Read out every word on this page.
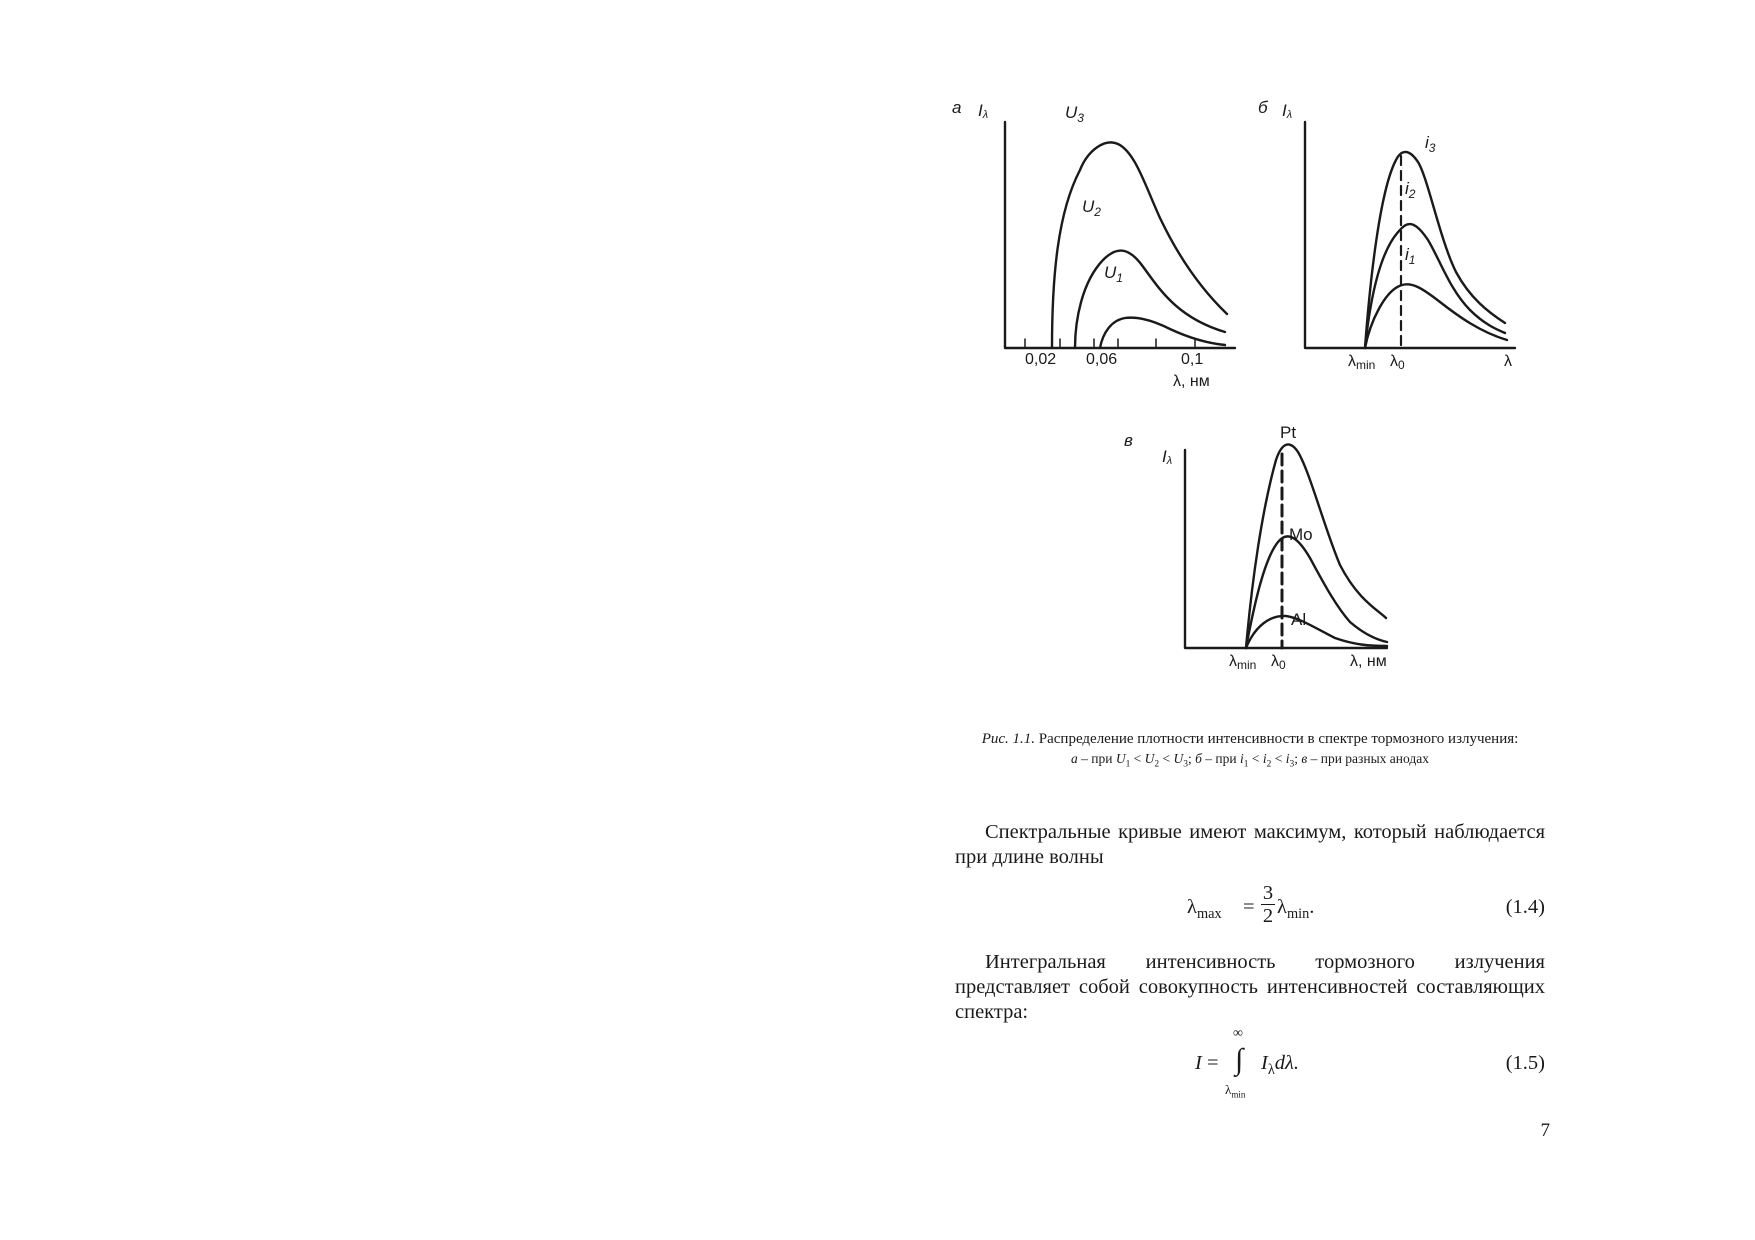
а Iλ	$U_3$
$U_2$
$U_1$
0,02 0,06	0,1
λ, нм
б Iλ
$i_3$
$i_2$
$i_1$
λmin λ0	λ
в
Iλ
Pt
Mo
Al
λmin λ0	λ, нм
Рис. 1.1. Распределение плотности интенсивности в спектре тормозного излучения:
а – при $U_1 < U_2 < U_3$; б – при $i_1 < i_2 < i_3$; в – при разных анодах
Спектральные кривые имеют максимум, который наблюдается при длине волны
$\lambda_{max}$ =
3
2 $\lambda_{min}$.	(1.4)
Интегральная интенсивность тормозного излучения представляет собой совокупность интенсивностей составляющих спектра:
I =
∞
∫
$\lambda_{min}$
$I_\lambda d\lambda$.	(1.5)
7
